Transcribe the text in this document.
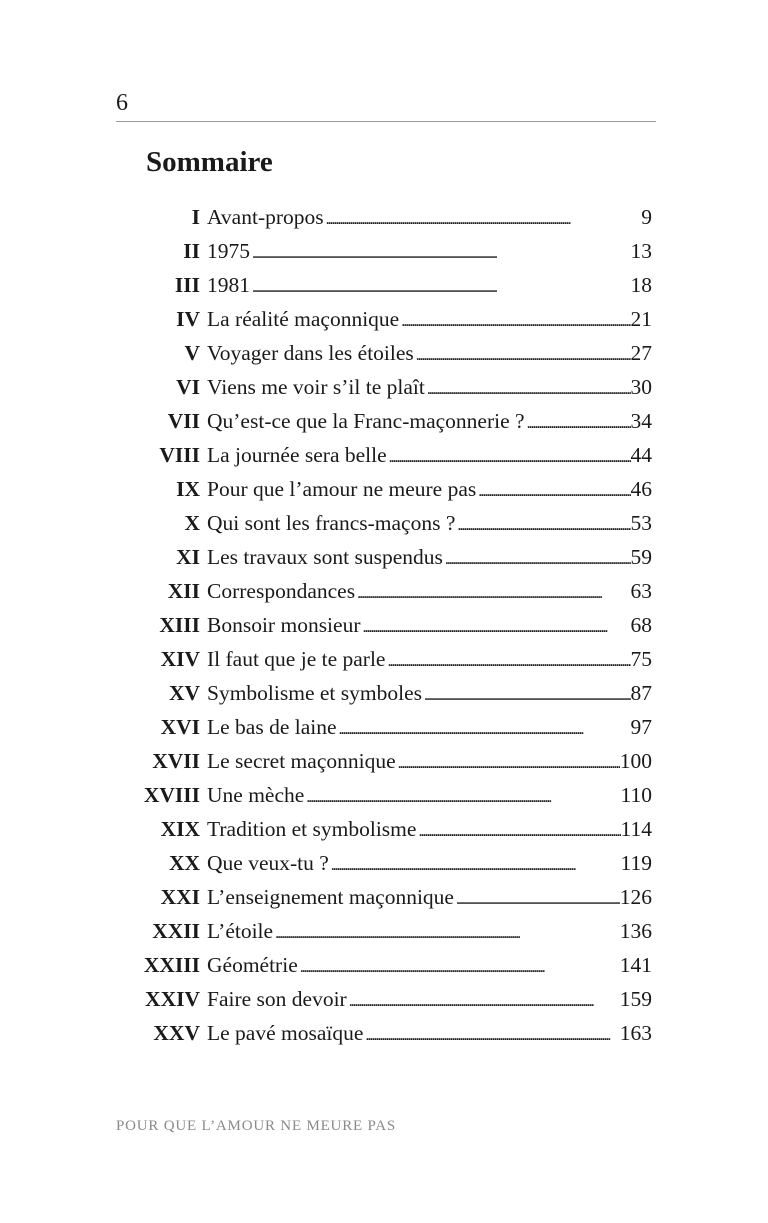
6
Sommaire
I Avant-propos . . .	9
II 1975 . . .	13
III 1981 . . .	18
IV La réalité maçonnique . . .	21
V Voyager dans les étoiles . . .	27
VI Viens me voir s’il te plaît . . .	30
VII Qu’est-ce que la Franc-maçonnerie ? . . .	34
VIII La journée sera belle . . .	44
IX Pour que l’amour ne meure pas . . .	46
X Qui sont les francs-maçons ? . . .	53
XI Les travaux sont suspendus . . .	59
XII Correspondances . . .	63
XIII Bonsoir monsieur . . .	68
XIV Il faut que je te parle . . .	75
XV Symbolisme et symboles . . .	87
XVI Le bas de laine . . .	97
XVII Le secret maçonnique . . .	100
XVIII Une mèche . . .	110
XIX Tradition et symbolisme . . .	114
XX Que veux-tu ? . . .	119
XXI L’enseignement maçonnique . . .	126
XXII L’étoile . . .	136
XXIII Géométrie . . .	141
XXIV Faire son devoir . . .	159
XXV Le pavé mosaïque . . .	163
POUR QUE L’AMOUR NE MEURE PAS
